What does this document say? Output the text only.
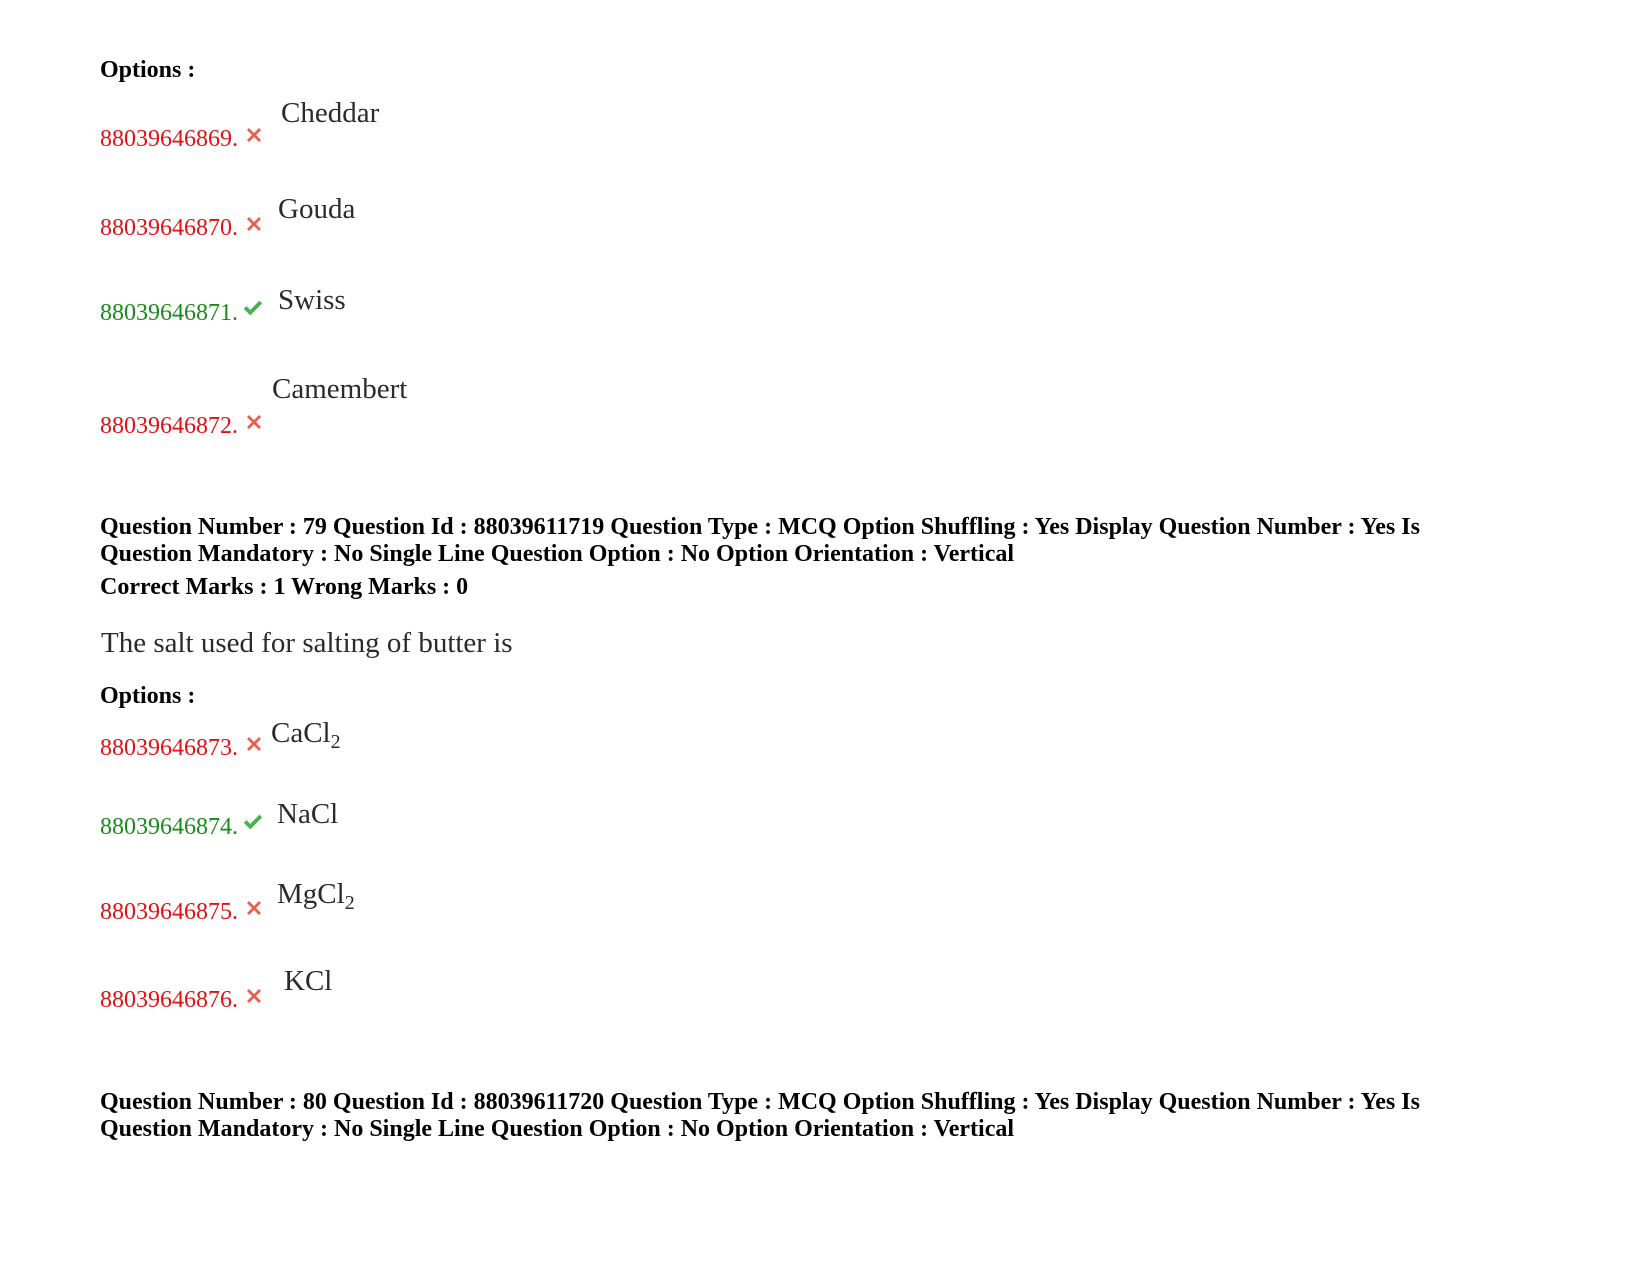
Options :
88039646869.
Cheddar
88039646870.
Gouda
88039646871. Swiss
88039646872.
Camembert
Question Number : 79 Question Id : 88039611719 Question Type : MCQ Option Shuffling : Yes Display Question Number : Yes Is
Question Mandatory : No Single Line Question Option : No Option Orientation : Vertical
Correct Marks : 1 Wrong Marks : 0
The salt used for salting of butter is
Options :
88039646873. CaCl$_2$
88039646874. NaCl
88039646875.
MgCl$_2$
88039646876.
KCl
Question Number : 80 Question Id : 88039611720 Question Type : MCQ Option Shuffling : Yes Display Question Number : Yes Is
Question Mandatory : No Single Line Question Option : No Option Orientation : Vertical
